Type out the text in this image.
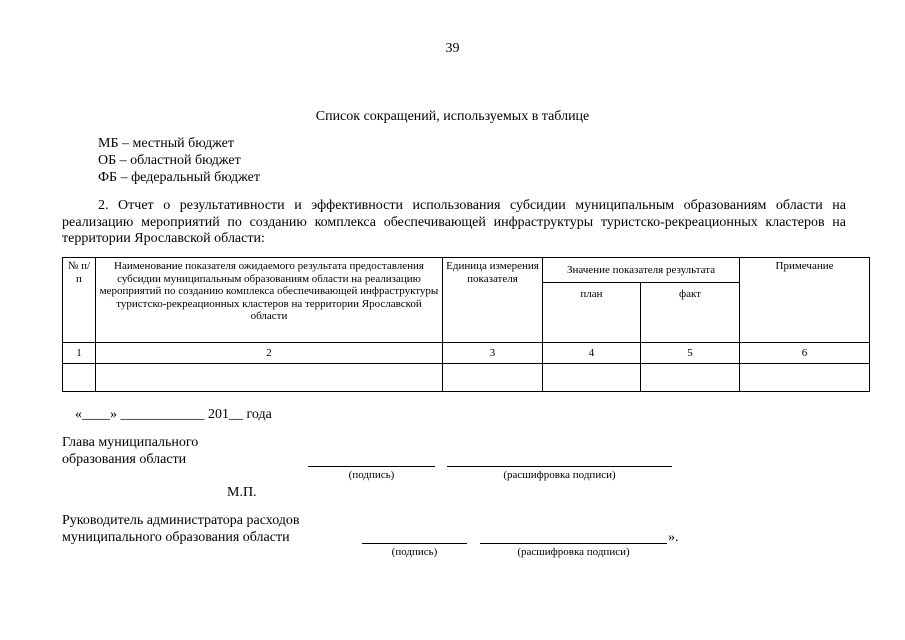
39
Список сокращений, используемых в таблице
МБ – местный бюджет
ОБ – областной бюджет
ФБ – федеральный бюджет
2. Отчет о результативности и эффективности использования субсидии муниципальным образованиям области на реализацию мероприятий по созданию комплекса обеспечивающей инфраструктуры туристско-рекреационных кластеров на территории Ярославской области:
№ п/п	Наименование показателя ожидаемого результата предоставления субсидии муниципальным образованиям области на реализацию мероприятий по созданию комплекса обеспечивающей инфраструктуры туристско-рекреационных кластеров на территории Ярославской области	Единица измерения показателя	Значение показателя результата		Примечание
			план	факт	
1	2	3	4	5	6

«____» ____________ 201__ года
Глава муниципального
образования области
(подпись)	(расшифровка подписи)
М.П.
Руководитель администратора расходов
муниципального образования области	».
(подпись)	(расшифровка подписи)
